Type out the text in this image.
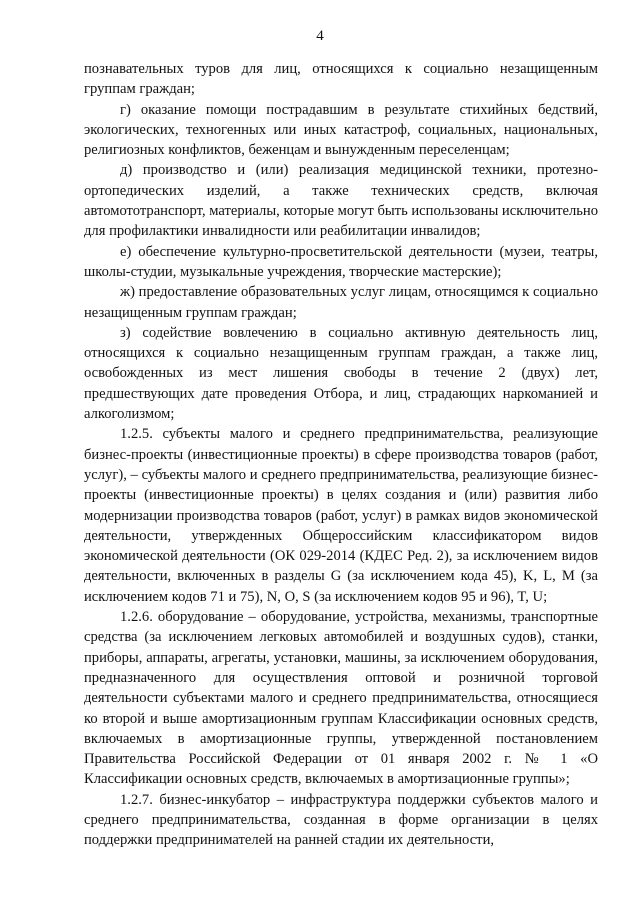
4

познавательных туров для лиц, относящихся к социально незащищенным группам граждан;

г) оказание помощи пострадавшим в результате стихийных бедствий, экологических, техногенных или иных катастроф, социальных, национальных, религиозных конфликтов, беженцам и вынужденным переселенцам;

д) производство и (или) реализация медицинской техники, протезно-ортопедических изделий, а также технических средств, включая автомототранспорт, материалы, которые могут быть использованы исключительно для профилактики инвалидности или реабилитации инвалидов;

е) обеспечение культурно-просветительской деятельности (музеи, театры, школы-студии, музыкальные учреждения, творческие мастерские);

ж) предоставление образовательных услуг лицам, относящимся к социально незащищенным группам граждан;

з) содействие вовлечению в социально активную деятельность лиц, относящихся к социально незащищенным группам граждан, а также лиц, освобожденных из мест лишения свободы в течение 2 (двух) лет, предшествующих дате проведения Отбора, и лиц, страдающих наркоманией и алкоголизмом;

1.2.5. субъекты малого и среднего предпринимательства, реализующие бизнес-проекты (инвестиционные проекты) в сфере производства товаров (работ, услуг), – субъекты малого и среднего предпринимательства, реализующие бизнес-проекты (инвестиционные проекты) в целях создания и (или) развития либо модернизации производства товаров (работ, услуг) в рамках видов экономической деятельности, утвержденных Общероссийским классификатором видов экономической деятельности (ОК 029-2014 (КДЕС Ред. 2), за исключением видов деятельности, включенных в разделы G (за исключением кода 45), K, L, M (за исключением кодов 71 и 75), N, O, S (за исключением кодов 95 и 96), T, U;

1.2.6. оборудование – оборудование, устройства, механизмы, транспортные средства (за исключением легковых автомобилей и воздушных судов), станки, приборы, аппараты, агрегаты, установки, машины, за исключением оборудования, предназначенного для осуществления оптовой и розничной торговой деятельности субъектами малого и среднего предпринимательства, относящиеся ко второй и выше амортизационным группам Классификации основных средств, включаемых в амортизационные группы, утвержденной постановлением Правительства Российской Федерации от 01 января 2002 г. № 1 «О Классификации основных средств, включаемых в амортизационные группы»;

1.2.7. бизнес-инкубатор – инфраструктура поддержки субъектов малого и среднего предпринимательства, созданная в форме организации в целях поддержки предпринимателей на ранней стадии их деятельности,
